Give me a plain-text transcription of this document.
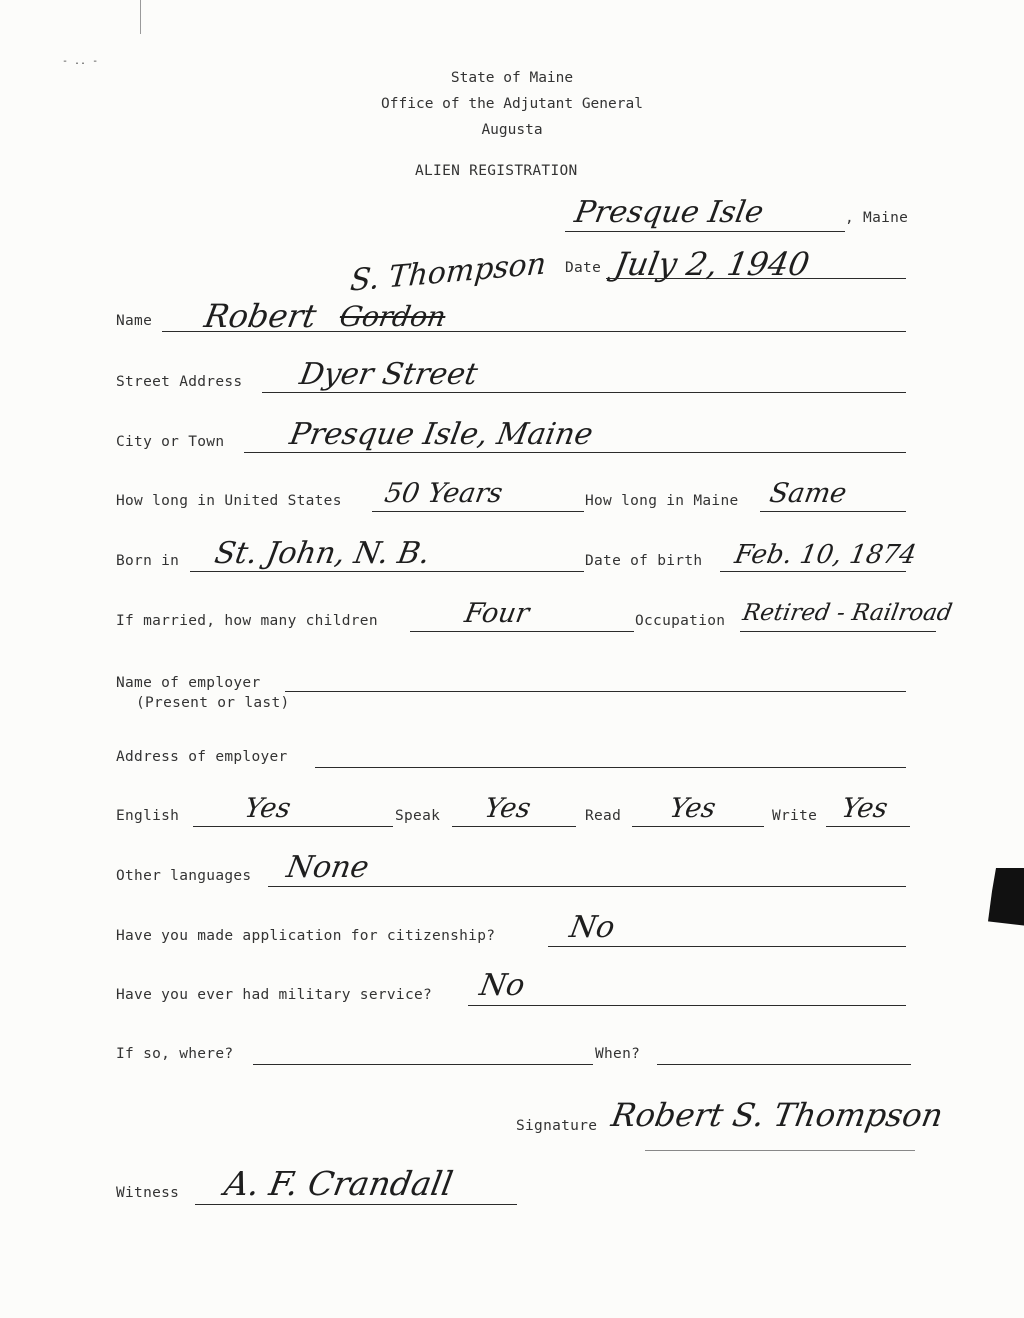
- .. -
State of Maine
Office of the Adjutant General
Augusta
ALIEN REGISTRATION
Presque Isle	, Maine
Date July 2, 1940
S. Thompson
Name Robert Gordon
Street Address Dyer Street
City or Town Presque Isle, Maine
How long in United States 50 Years	How long in Maine Same
Born in St. John, N. B.	Date of birth Feb. 10, 1874
If married, how many children	Four	Occupation Retired - Railroad
Name of employer
(Present or last)
Address of employer
English Yes	Speak Yes	Read Yes	Write Yes
Other languages None
Have you made application for citizenship? No
Have you ever had military service? No
If so, where?	When?
Signature Robert S. Thompson
Witness A. F. Crandall
